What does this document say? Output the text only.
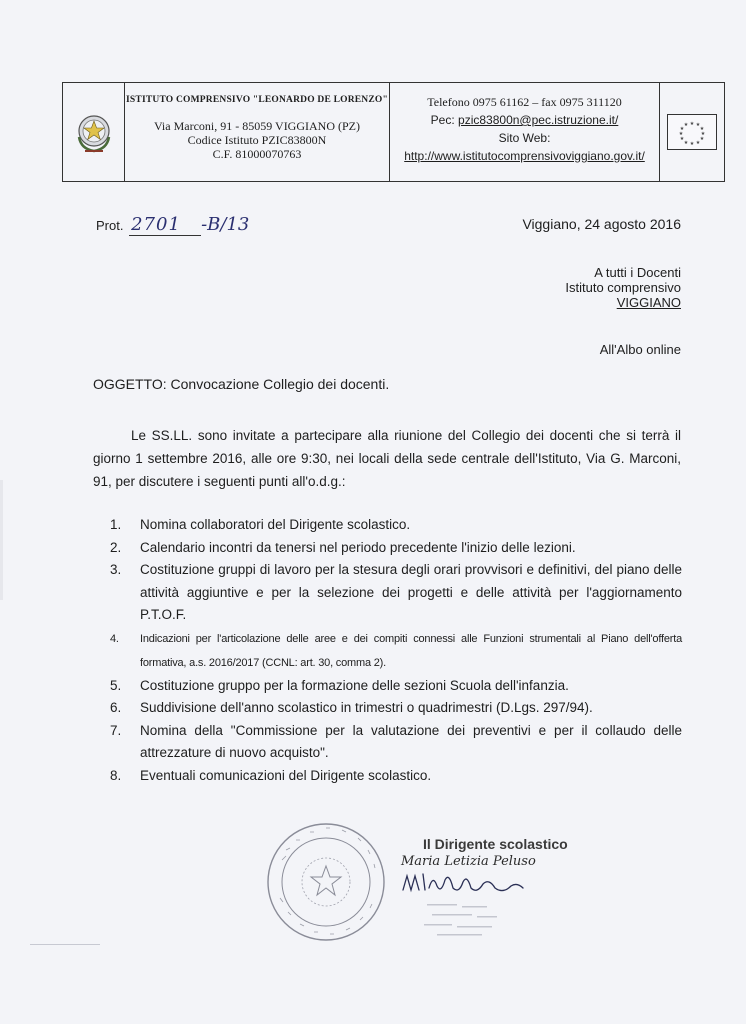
ISTITUTO COMPRENSIVO "LEONARDO DE LORENZO"
Via Marconi, 91 - 85059 VIGGIANO (PZ)
Codice Istituto PZIC83800N
C.F. 81000070763
Telefono 0975 61162 – fax 0975 311120
Pec: pzic83800n@pec.istruzione.it/
Sito Web:
http://www.istitutocomprensivoviggiano.gov.it/
★ ★
★
★
★
★
★
★
★
★
★
★
Prot. 2701 -B/13	Viggiano, 24 agosto 2016
A tutti i Docenti
Istituto comprensivo
VIGGIANO
All'Albo online
OGGETTO: Convocazione Collegio dei docenti.
Le SS.LL. sono invitate a partecipare alla riunione del Collegio dei docenti che si terrà il giorno 1 settembre 2016, alle ore 9:30, nei locali della sede centrale dell'Istituto, Via G. Marconi, 91, per discutere i seguenti punti all'o.d.g.:
1.	Nomina collaboratori del Dirigente scolastico.
2.	Calendario incontri da tenersi nel periodo precedente l'inizio delle lezioni.
3.	Costituzione gruppi di lavoro per la stesura degli orari provvisori e definitivi, del piano delle attività aggiuntive e per la selezione dei progetti e delle attività per l'aggiornamento P.T.O.F.
4.	Indicazioni per l'articolazione delle aree e dei compiti connessi alle Funzioni strumentali al Piano dell'offerta formativa, a.s. 2016/2017 (CCNL: art. 30, comma 2).
5.	Costituzione gruppo per la formazione delle sezioni Scuola dell'infanzia.
6.	Suddivisione dell'anno scolastico in trimestri o quadrimestri (D.Lgs. 297/94).
7.	Nomina della "Commissione per la valutazione dei preventivi e per il collaudo delle attrezzature di nuovo acquisto".
8.	Eventuali comunicazioni del Dirigente scolastico.
Il Dirigente scolastico
Maria Letizia Peluso
